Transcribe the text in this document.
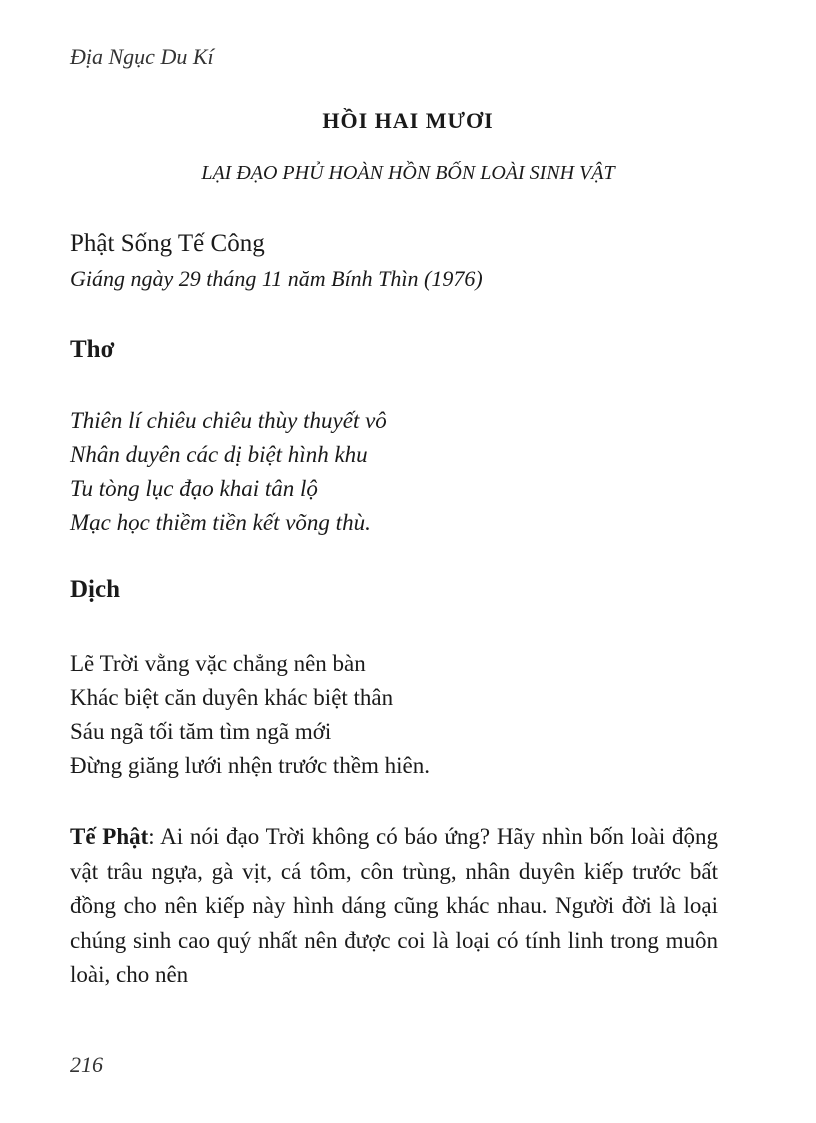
Địa Ngục Du Kí
HỒI HAI MƯƠI
LẠI ĐẠO PHỦ HOÀN HỒN BỐN LOÀI SINH VẬT
Phật Sống Tế Công
Giáng ngày 29 tháng 11 năm Bính Thìn (1976)
Thơ
Thiên lí chiêu chiêu thùy thuyết vô
Nhân duyên các dị biệt hình khu
Tu tòng lục đạo khai tân lộ
Mạc học thiềm tiền kết võng thù.
Dịch
Lẽ Trời vằng vặc chẳng nên bàn
Khác biệt căn duyên khác biệt thân
Sáu ngã tối tăm tìm ngã mới
Đừng giăng lưới nhện trước thềm hiên.
Tế Phật: Ai nói đạo Trời không có báo ứng? Hãy nhìn bốn loài động vật trâu ngựa, gà vịt, cá tôm, côn trùng, nhân duyên kiếp trước bất đồng cho nên kiếp này hình dáng cũng khác nhau. Người đời là loại chúng sinh cao quý nhất nên được coi là loại có tính linh trong muôn loài, cho nên
216
